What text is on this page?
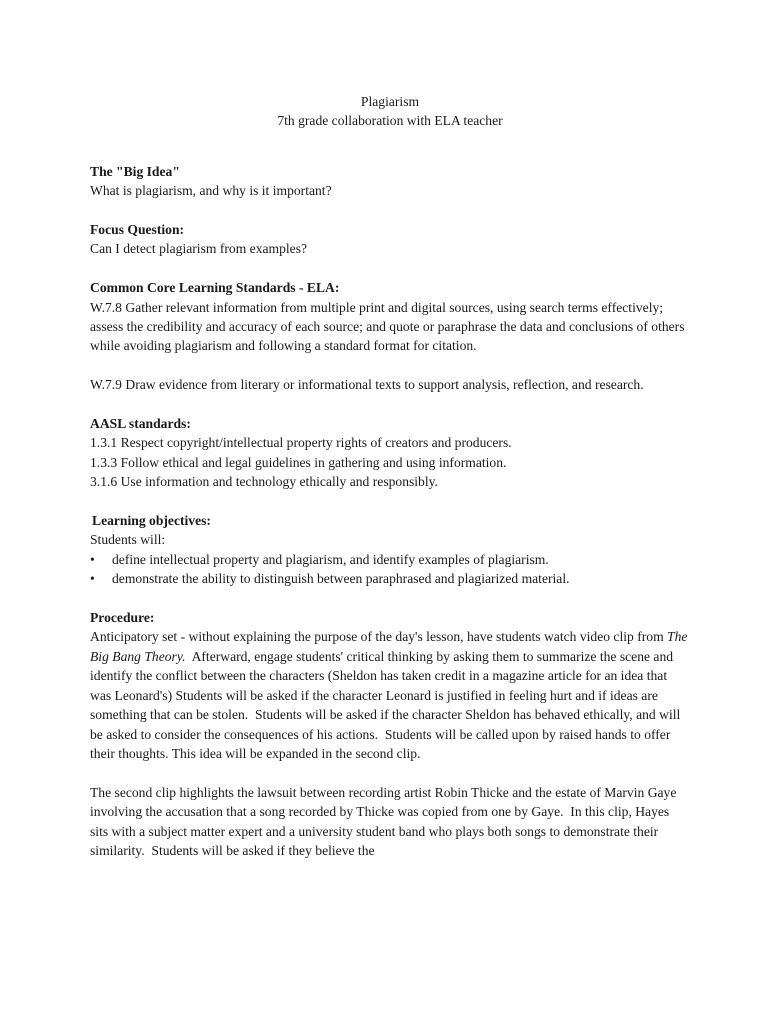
Plagiarism
7th grade collaboration with ELA teacher
The "Big Idea"

What is plagiarism, and why is it important?

Focus Question:

Can I detect plagiarism from examples?

Common Core Learning Standards - ELA:

W.7.8 Gather relevant information from multiple print and digital sources, using search terms effectively; assess the credibility and accuracy of each source; and quote or paraphrase the data and conclusions of others while avoiding plagiarism and following a standard format for citation.

W.7.9 Draw evidence from literary or informational texts to support analysis, reflection, and research.

AASL standards:

1.3.1 Respect copyright/intellectual property rights of creators and producers.

1.3.3 Follow ethical and legal guidelines in gathering and using information.

3.1.6 Use information and technology ethically and responsibly.

Learning objectives:

Students will:

• define intellectual property and plagiarism, and identify examples of plagiarism.
• demonstrate the ability to distinguish between paraphrased and plagiarized material.
Procedure:

Anticipatory set - without explaining the purpose of the day's lesson, have students watch video clip from The Big Bang Theory.  Afterward, engage students' critical thinking by asking them to summarize the scene and identify the conflict between the characters (Sheldon has taken credit in a magazine article for an idea that was Leonard's) Students will be asked if the character Leonard is justified in feeling hurt and if ideas are something that can be stolen.  Students will be asked if the character Sheldon has behaved ethically, and will be asked to consider the consequences of his actions.  Students will be called upon by raised hands to offer their thoughts. This idea will be expanded in the second clip.

The second clip highlights the lawsuit between recording artist Robin Thicke and the estate of Marvin Gaye involving the accusation that a song recorded by Thicke was copied from one by Gaye.  In this clip, Hayes sits with a subject matter expert and a university student band who plays both songs to demonstrate their similarity.  Students will be asked if they believe the
